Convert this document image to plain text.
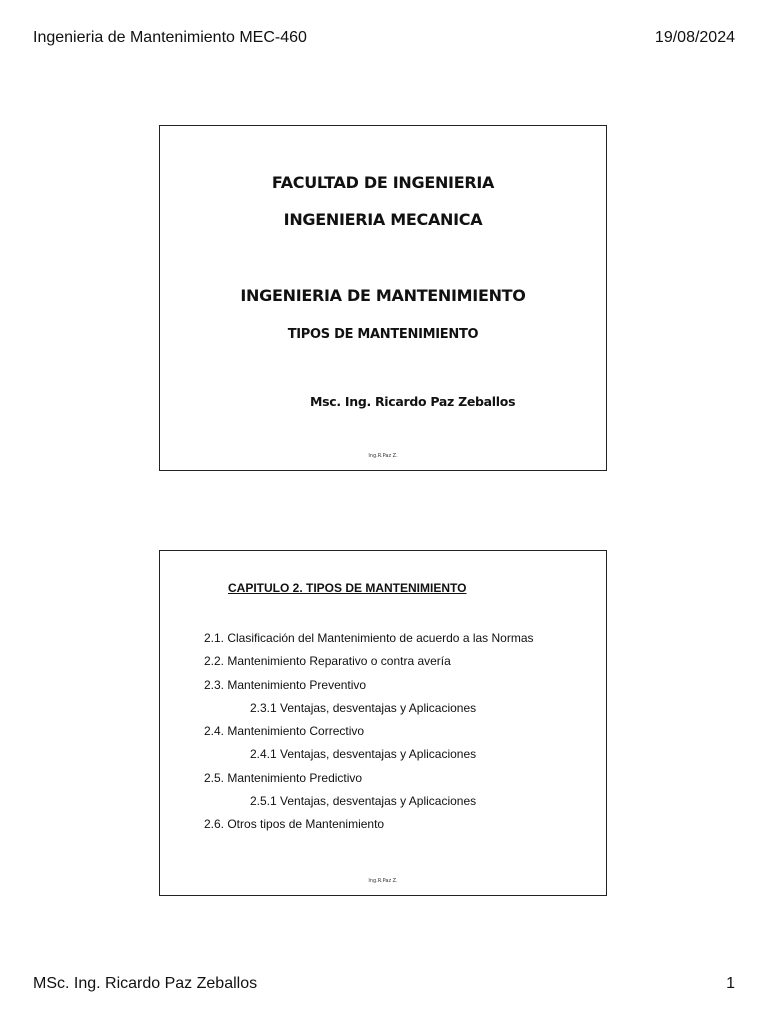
Ingenieria de Mantenimiento MEC-460	19/08/2024
FACULTAD DE INGENIERIA
INGENIERIA MECANICA
INGENIERIA DE MANTENIMIENTO
TIPOS DE MANTENIMIENTO
Msc. Ing. Ricardo Paz Zeballos
Ing.R.Paz Z.
CAPITULO 2. TIPOS DE MANTENIMIENTO
2.1. Clasificación del Mantenimiento de acuerdo a las Normas
2.2. Mantenimiento Reparativo o contra avería
2.3. Mantenimiento Preventivo
2.3.1 Ventajas, desventajas y Aplicaciones
2.4. Mantenimiento Correctivo
2.4.1 Ventajas, desventajas y Aplicaciones
2.5. Mantenimiento Predictivo
2.5.1 Ventajas, desventajas y Aplicaciones
2.6. Otros tipos de Mantenimiento
Ing.R.Paz Z.
MSc. Ing. Ricardo Paz Zeballos	1
